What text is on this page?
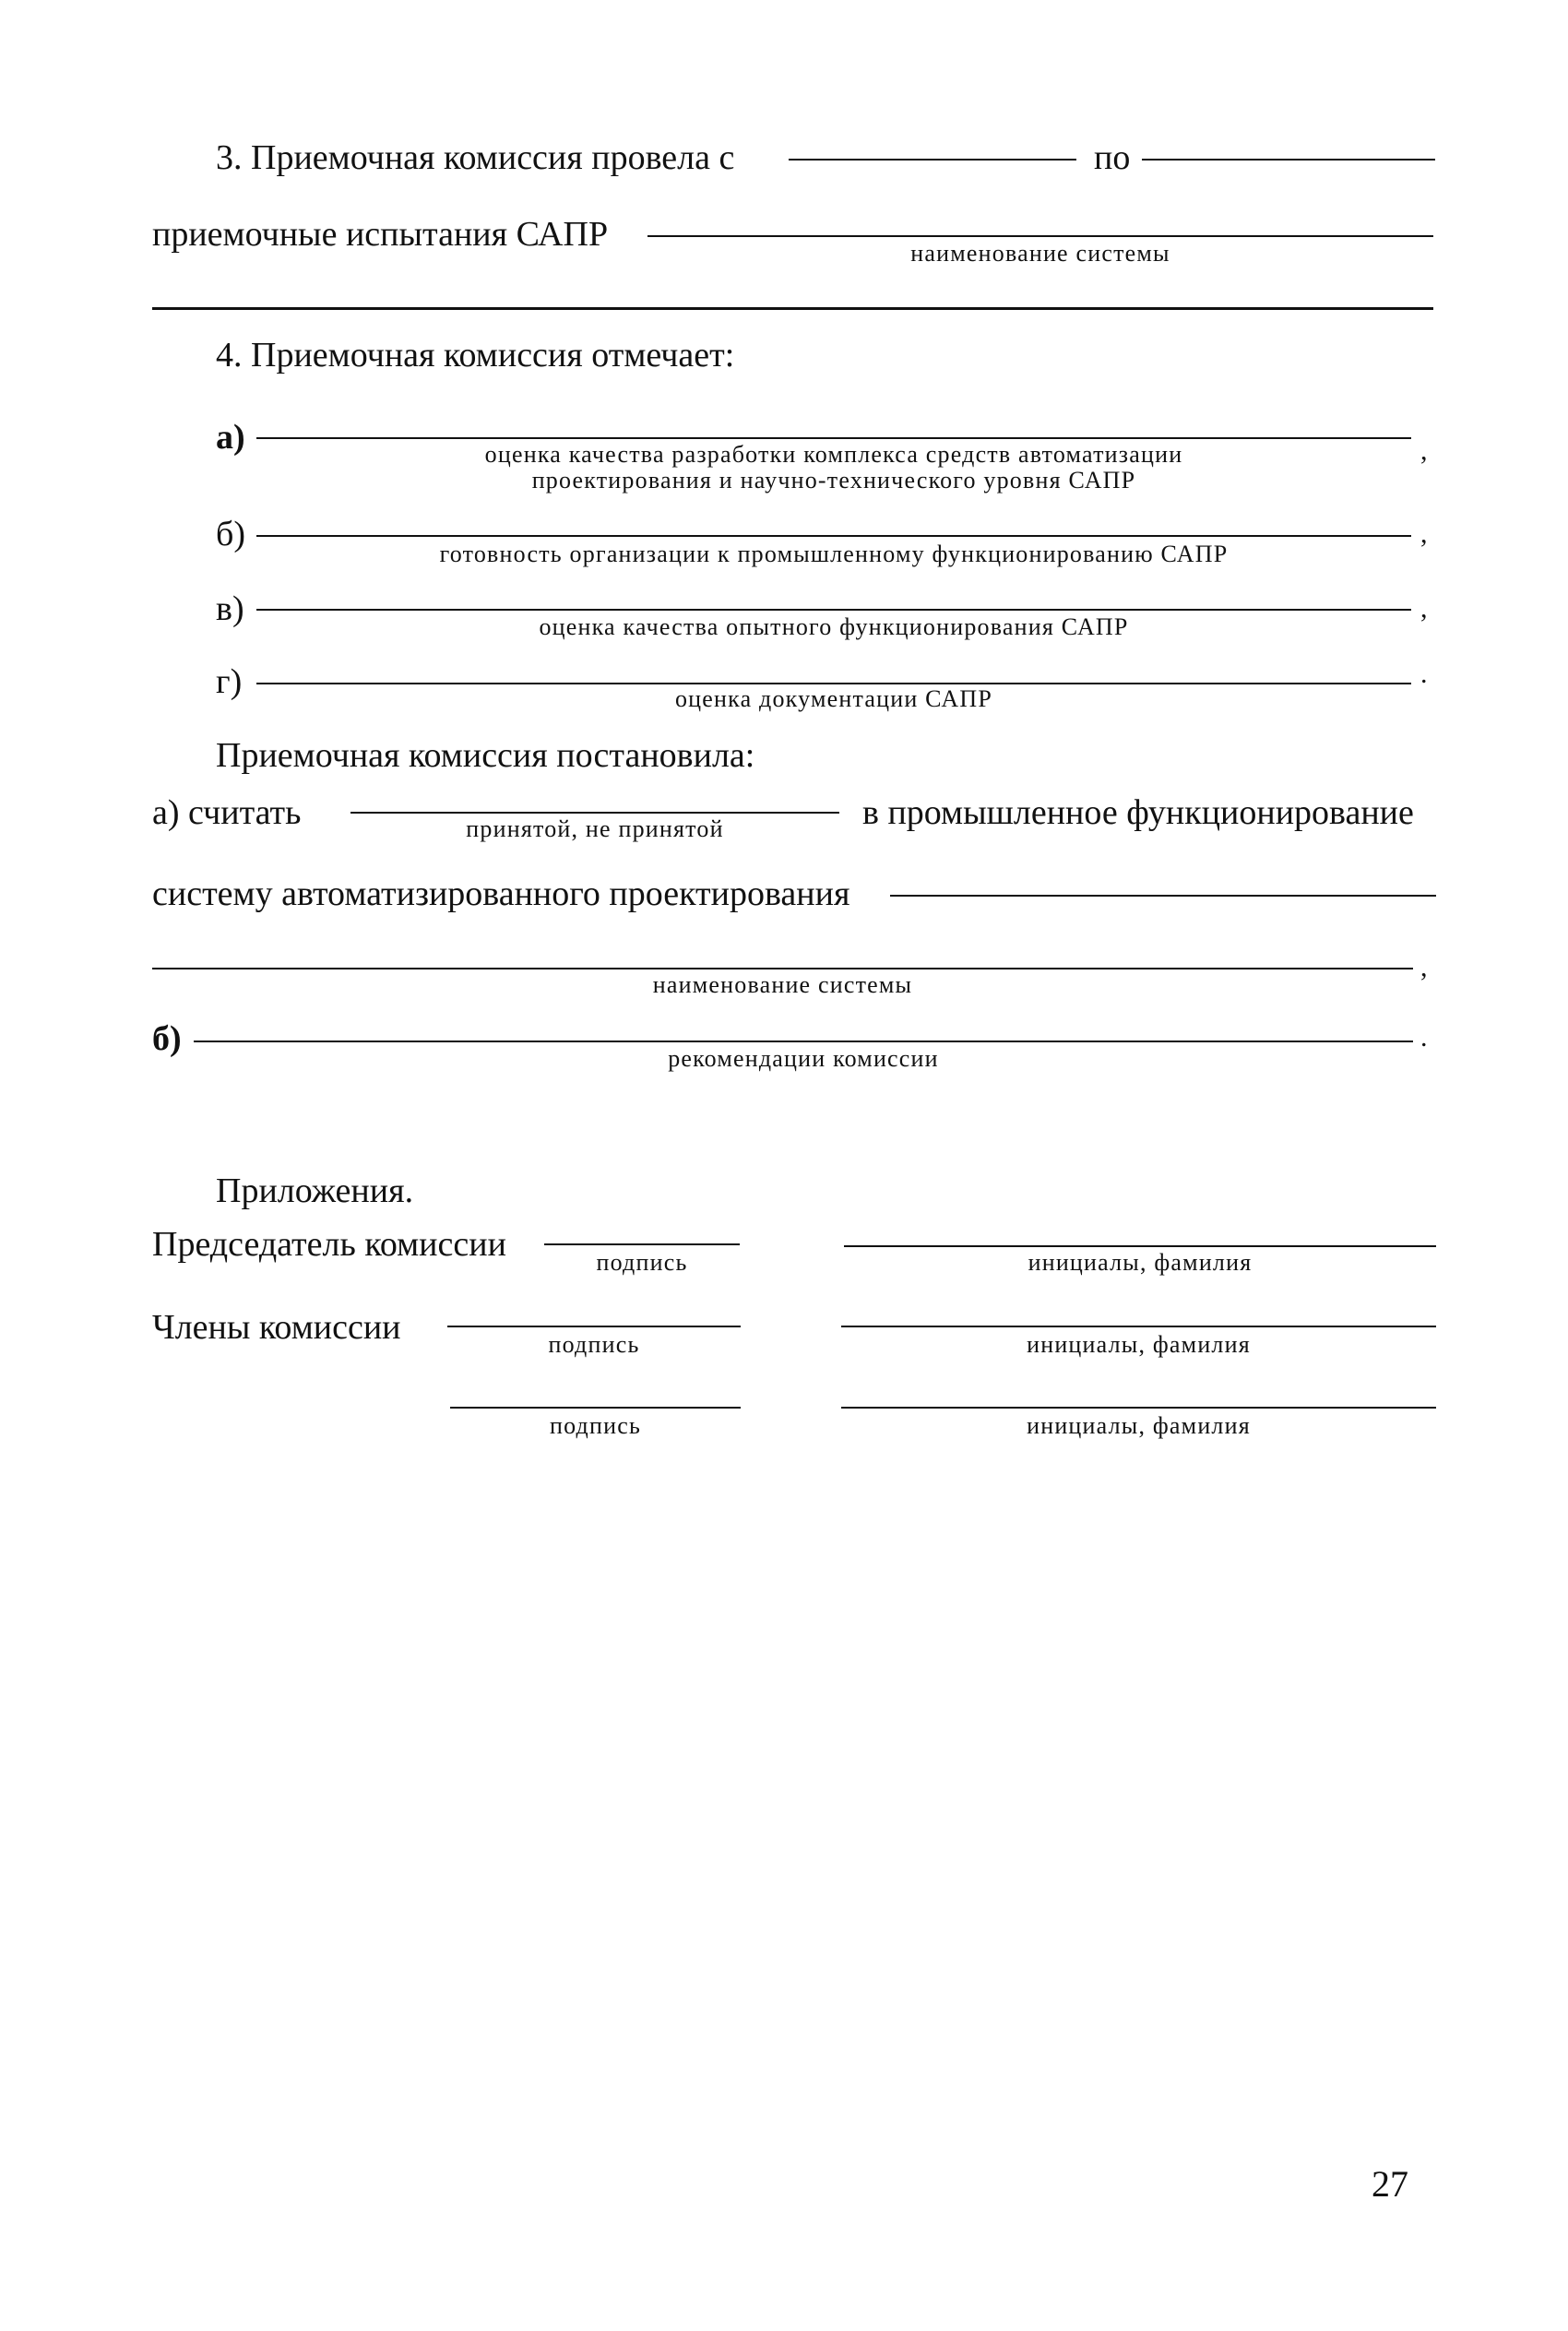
3. Приемочная комиссия провела с	по
приемочные испытания САПР	наименование системы
4. Приемочная комиссия отмечает:
а)	,
оценка качества разработки комплекса средств автоматизации
проектирования и научно-технического уровня САПР
б)	,
готовность организации к промышленному функционированию САПР
в)	,
оценка качества опытного функционирования САПР
г)	.
оценка документации САПР
Приемочная комиссия постановила:
а) считать	принятой, не принятой	в промышленное функционирование
систему автоматизированного проектирования
,
наименование системы
б)	.
рекомендации комиссии
Приложения.
Председатель комиссии	подпись	инициалы, фамилия
Члены комиссии	подпись	инициалы, фамилия
подпись	инициалы, фамилия
27
